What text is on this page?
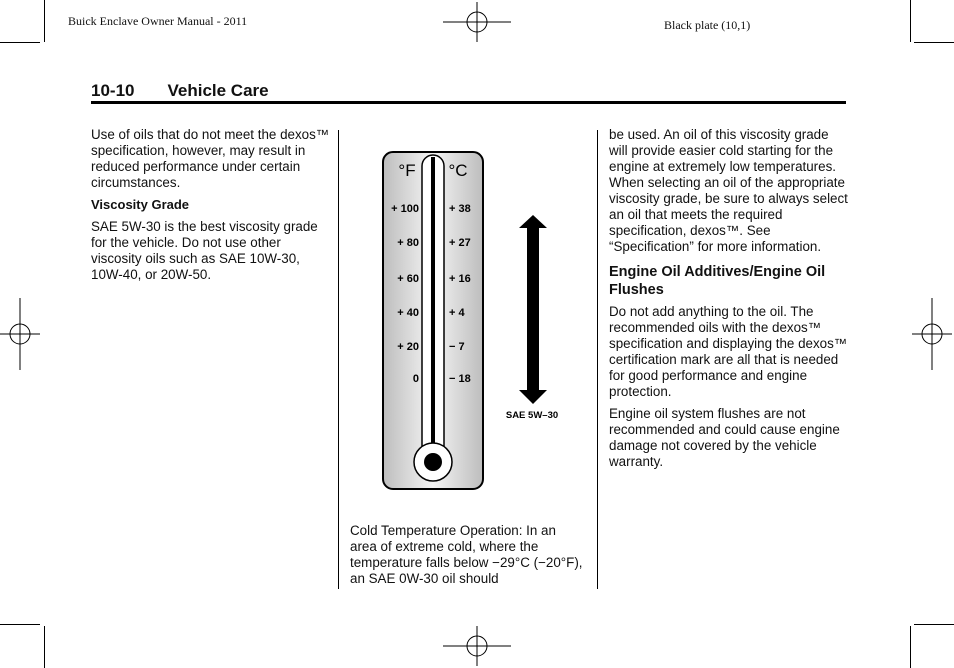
Buick Enclave Owner Manual - 2011	Black plate (10,1)
10-10 Vehicle Care

Use of oils that do not meet the dexos™ specification, however, may result in reduced performance under certain circumstances.

Viscosity Grade

SAE 5W-30 is the best viscosity grade for the vehicle. Do not use other viscosity oils such as SAE 10W-30, 10W-40, or 20W-50.

°F °C
+ 100
+ 80
+ 60
+ 40
+ 20
0
+ 38
+ 27
+ 16
+ 4
− 7
− 18
SAE 5W–30

Cold Temperature Operation: In an area of extreme cold, where the temperature falls below −29°C (−20°F), an SAE 0W-30 oil should

be used. An oil of this viscosity grade will provide easier cold starting for the engine at extremely low temperatures. When selecting an oil of the appropriate viscosity grade, be sure to always select an oil that meets the required specification, dexos™. See “Specification” for more information.

Engine Oil Additives/Engine Oil Flushes

Do not add anything to the oil. The recommended oils with the dexos™ specification and displaying the dexos™ certification mark are all that is needed for good performance and engine protection.

Engine oil system flushes are not recommended and could cause engine damage not covered by the vehicle warranty.
